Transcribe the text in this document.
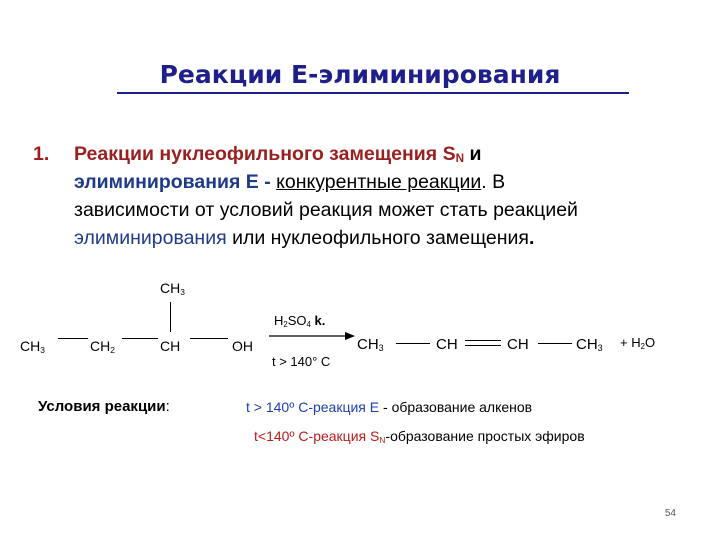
Реакции Е-элиминирования
1. Реакции нуклеофильного замещения $S_N$ и
элиминирования Е - конкурентные реакции. В
зависимости от условий реакция может стать реакцией
элиминирования или нуклеофильного замещения.
$CH_3$
$CH_3$	$CH_2$	CH	OH
$H_2SO_4$ k.
t > 140° C
$CH_3$	CH	CH	$CH_3 + H_2O$
Условия реакции:	t > 140º С-реакция Е - образование алкенов
t<140º С-реакция $S_N$-образование простых эфиров
54
